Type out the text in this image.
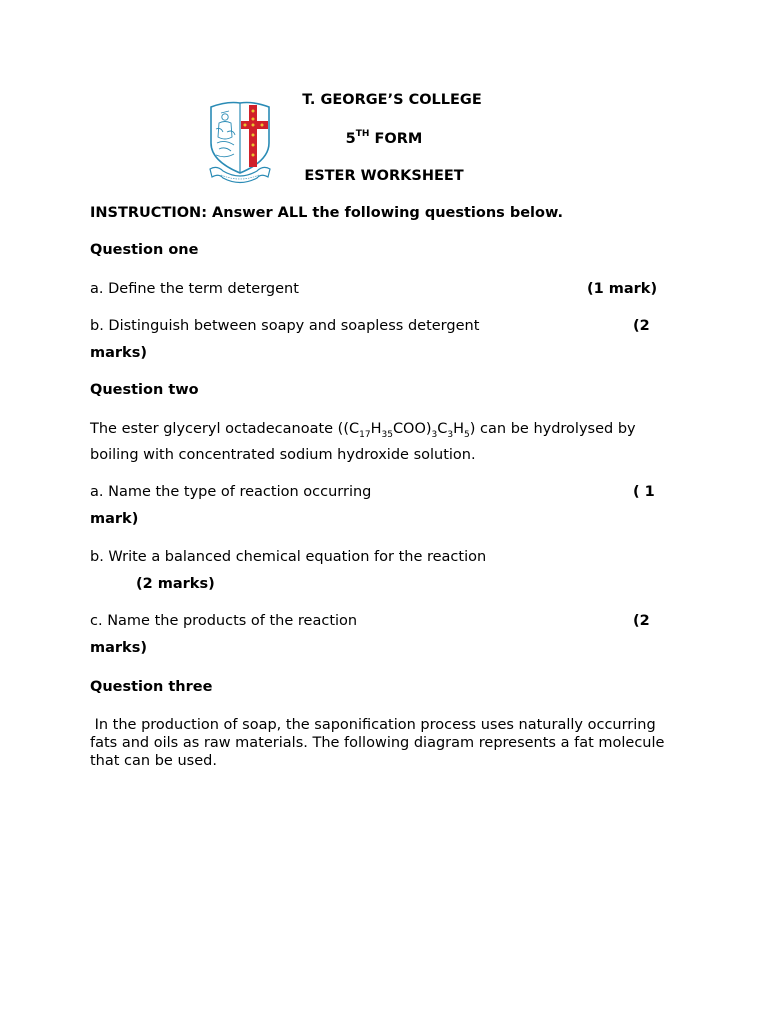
T. GEORGE’S COLLEGE
5TH FORM
ESTER WORKSHEET
INSTRUCTION: Answer ALL the following questions below.
Question one
a. Define the term detergent	(1 mark)
b. Distinguish between soapy and soapless detergent	(2
marks)
Question two
The ester glyceryl octadecanoate $((C_{17}H_{35}COO)_3C_3H_5)$ can be hydrolysed by
boiling with concentrated sodium hydroxide solution.
a. Name the type of reaction occurring	( 1
mark)
b. Write a balanced chemical equation for the reaction
(2 marks)
c. Name the products of the reaction	(2
marks)
Question three
In the production of soap, the saponification process uses naturally occurring fats and oils as raw materials. The following diagram represents a fat molecule that can be used.
